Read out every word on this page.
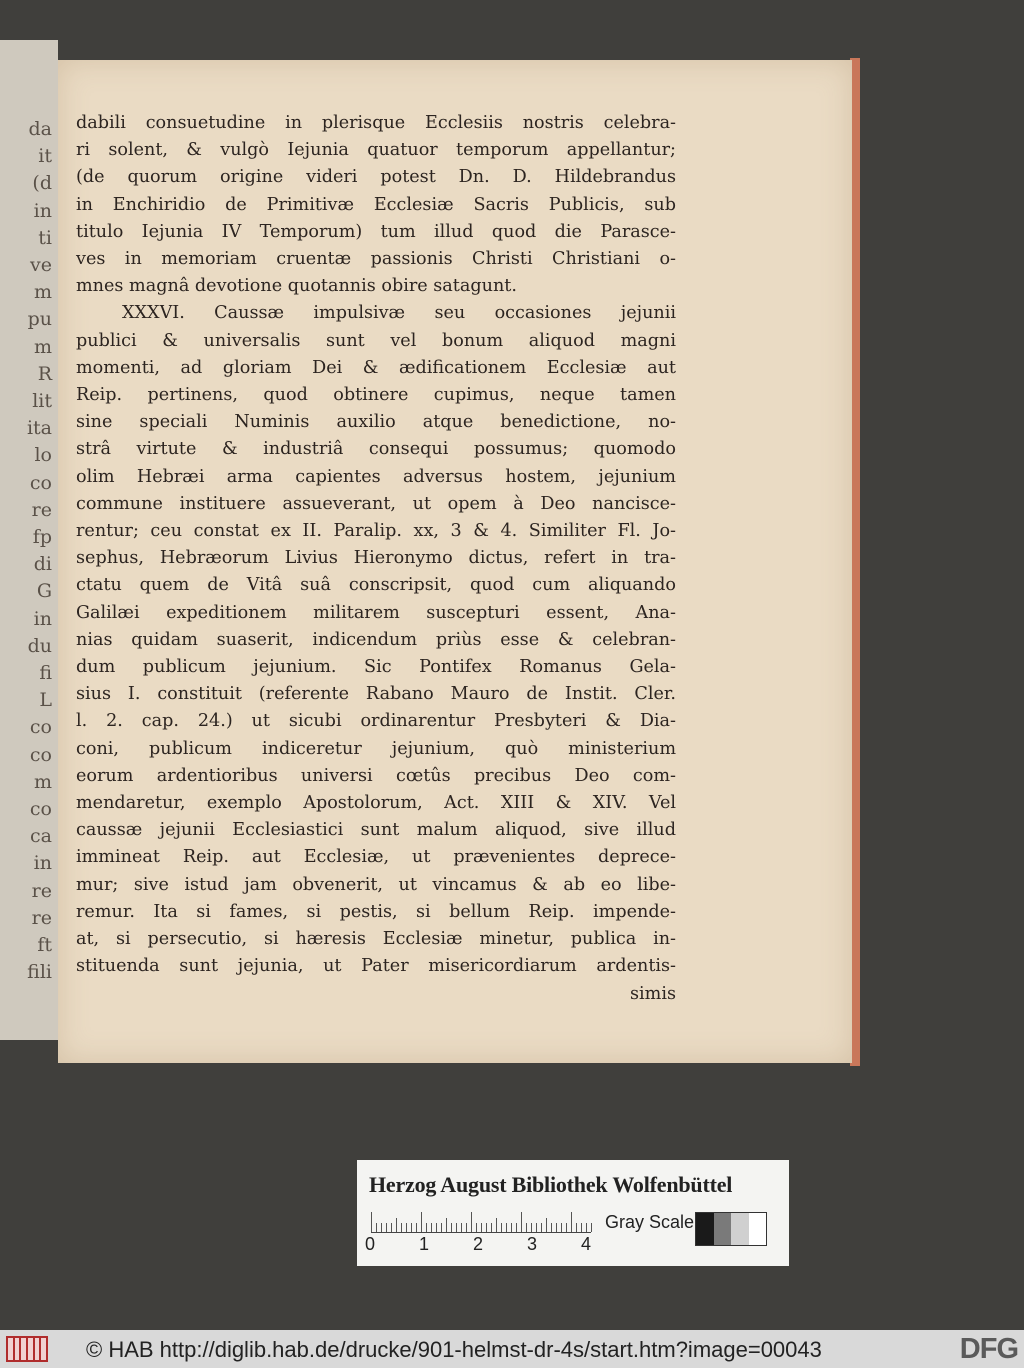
da
it
(d
in
ti
ve
m
pu
m
R
lit
ita
lo
co
re
fp
di
G
in
du
fi
L
co
co
m
co
ca
in
re
re
ft
fili
dabili consuetudine in plerisque Ecclesiis nostris celebra-
ri solent, & vulgò Iejunia quatuor temporum appellantur;
(de quorum origine videri potest Dn. D. Hildebrandus
in Enchiridio de Primitivæ Ecclesiæ Sacris Publicis, sub
titulo Iejunia IV Temporum) tum illud quod die Parasce-
ves in memoriam cruentæ passionis Christi Christiani o-
mnes magnâ devotione quotannis obire satagunt.
XXXVI. Caussæ impulsivæ seu occasiones jejunii
publici & universalis sunt vel bonum aliquod magni
momenti, ad gloriam Dei & ædificationem Ecclesiæ aut
Reip. pertinens, quod obtinere cupimus, neque tamen
sine speciali Numinis auxilio atque benedictione, no-
strâ virtute & industriâ consequi possumus; quomodo
olim Hebræi arma capientes adversus hostem, jejunium
commune instituere assueverant, ut opem à Deo nancisce-
rentur; ceu constat ex II. Paralip. xx, 3 & 4. Similiter Fl. Jo-
sephus, Hebræorum Livius Hieronymo dictus, refert in tra-
ctatu quem de Vitâ suâ conscripsit, quod cum aliquando
Galilæi expeditionem militarem suscepturi essent, Ana-
nias quidam suaserit, indicendum priùs esse & celebran-
dum publicum jejunium. Sic Pontifex Romanus Gela-
sius I. constituit (referente Rabano Mauro de Instit. Cler.
l. 2. cap. 24.) ut sicubi ordinarentur Presbyteri & Dia-
coni, publicum indiceretur jejunium, quò ministerium
eorum ardentioribus universi cœtûs precibus Deo com-
mendaretur, exemplo Apostolorum, Act. XIII & XIV. Vel
caussæ jejunii Ecclesiastici sunt malum aliquod, sive illud
immineat Reip. aut Ecclesiæ, ut prævenientes deprece-
mur; sive istud jam obvenerit, ut vincamus & ab eo libe-
remur. Ita si fames, si pestis, si bellum Reip. impende-
at, si persecutio, si hæresis Ecclesiæ minetur, publica in-
stituenda sunt jejunia, ut Pater misericordiarum ardentis-
simis
Herzog August Bibliothek Wolfenbüttel
0 1 2 3 4
Gray Scale
© HAB http://diglib.hab.de/drucke/901-helmst-dr-4s/start.htm?image=00043	DFG
